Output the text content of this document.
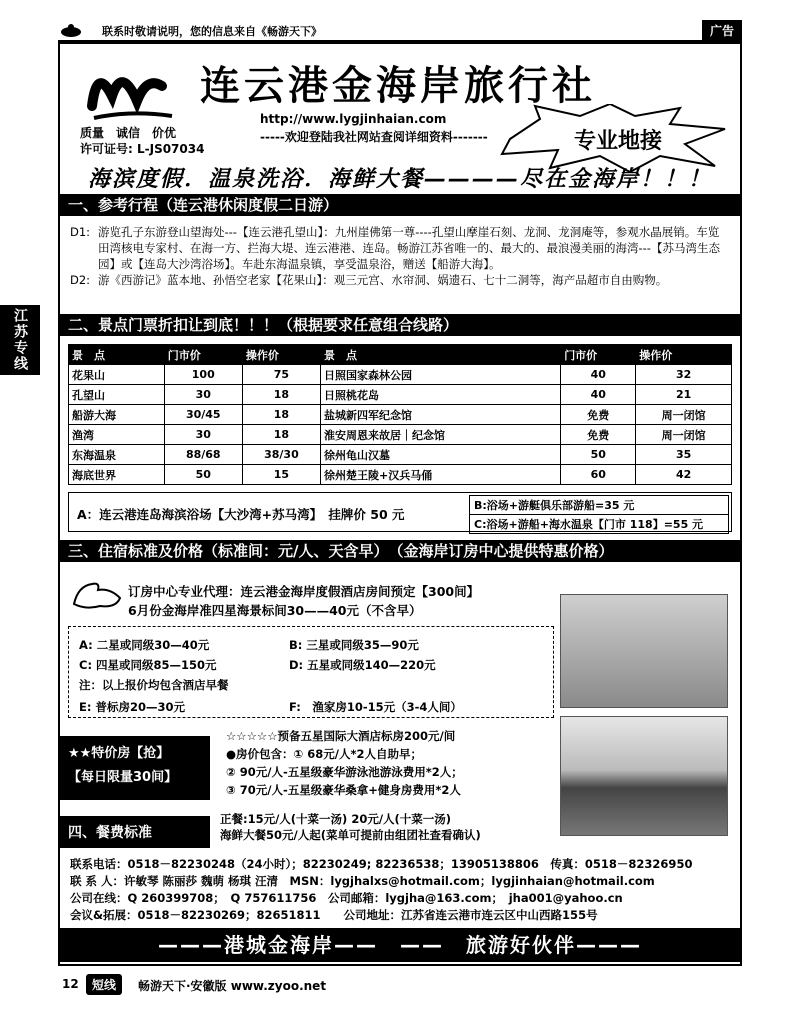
联系时敬请说明，您的信息来自《畅游天下》	广告
江苏专线
连云港金海岸旅行社
http://www.lygjinhaian.com
-----欢迎登陆我社网站查阅详细资料-------
质量　诚信　价优
许可证号: L-JS07034	专业地接
海滨度假．温泉洗浴．海鲜大餐————尽在金海岸！！！
一、参考行程（连云港休闲度假二日游）
D1: 游览孔子东游登山望海处---【连云港孔望山】：九州崖佛第一尊----孔望山摩崖石刻、龙洞、龙洞庵等，参观水晶展销。车览田湾核电专家村、在海一方、拦海大堤、连云港港、连岛。畅游江苏省唯一的、最大的、最浪漫美丽的海湾---【苏马湾生态园】或【连岛大沙湾浴场】。车赴东海温泉镇，享受温泉浴，赠送【船游大海】。
D2: 游《西游记》蓝本地、孙悟空老家【花果山】：观三元宫、水帘洞、娲遗石、七十二洞等，海产品超市自由购物。
二、景点门票折扣让到底！！！（根据要求任意组合线路）
景　点	门市价	操作价	景　点	门市价	操作价
花果山	100	75	日照国家森林公园	40	32
孔望山	30	18	日照桃花岛	40	21
船游大海	30/45	18	盐城新四军纪念馆	免费	周一闭馆
渔湾	30	18	淮安周恩来故居｜纪念馆	免费	周一闭馆
东海温泉	88/68	38/30	徐州龟山汉墓	50	35
海底世界	50	15	徐州楚王陵+汉兵马俑	60	42
A：连云港连岛海滨浴场【大沙湾+苏马湾】　挂牌价 50 元
B:浴场+游艇俱乐部游船=35 元
C:浴场+游船+海水温泉【门市 118】=55 元
三、住宿标准及价格（标准间：元/人、天含早）　（金海岸订房中心提供特惠价格）
订房中心专业代理：连云港金海岸度假酒店房间预定【300间】
6月份金海岸准四星海景标间30——40元（不含早）
A: 二星或同级30—40元	B: 三星或同级35—90元
C: 四星或同级85—150元	D: 五星或同级140—220元
注：以上报价均包含酒店早餐
E: 普标房20—30元	F:　渔家房10-15元（3-4人间）
★★特价房【抢】
【每日限量30间】
☆☆☆☆☆预备五星国际大酒店标房200元/间
●房价包含：① 68元/人*2人自助早；
② 90元/人-五星级豪华游泳池游泳费用*2人；
③ 70元/人-五星级豪华桑拿+健身房费用*2人
四、餐费标准
正餐:15元/人(十菜一汤) 20元/人(十菜一汤)
海鲜大餐50元/人起(菜单可提前由组团社查看确认)
联系电话：0518－82230248（24小时）；82230249; 82236538；13905138806　传真：0518－82326950
联 系 人：许敏琴 陈丽莎 魏萌 杨琪 汪清　MSN：lygjhalxs@hotmail.com；lygjinhaian@hotmail.com
公司在线：Q 260399708；　Q 757611756　公司邮箱：lygjha@163.com；　jha001@yahoo.cn
会议&拓展：0518－82230269；82651811　　公司地址：江苏省连云港市连云区中山西路155号
———港城金海岸——　——　旅游好伙伴———
12	短线	畅游天下·安徽版 www.zyoo.net
